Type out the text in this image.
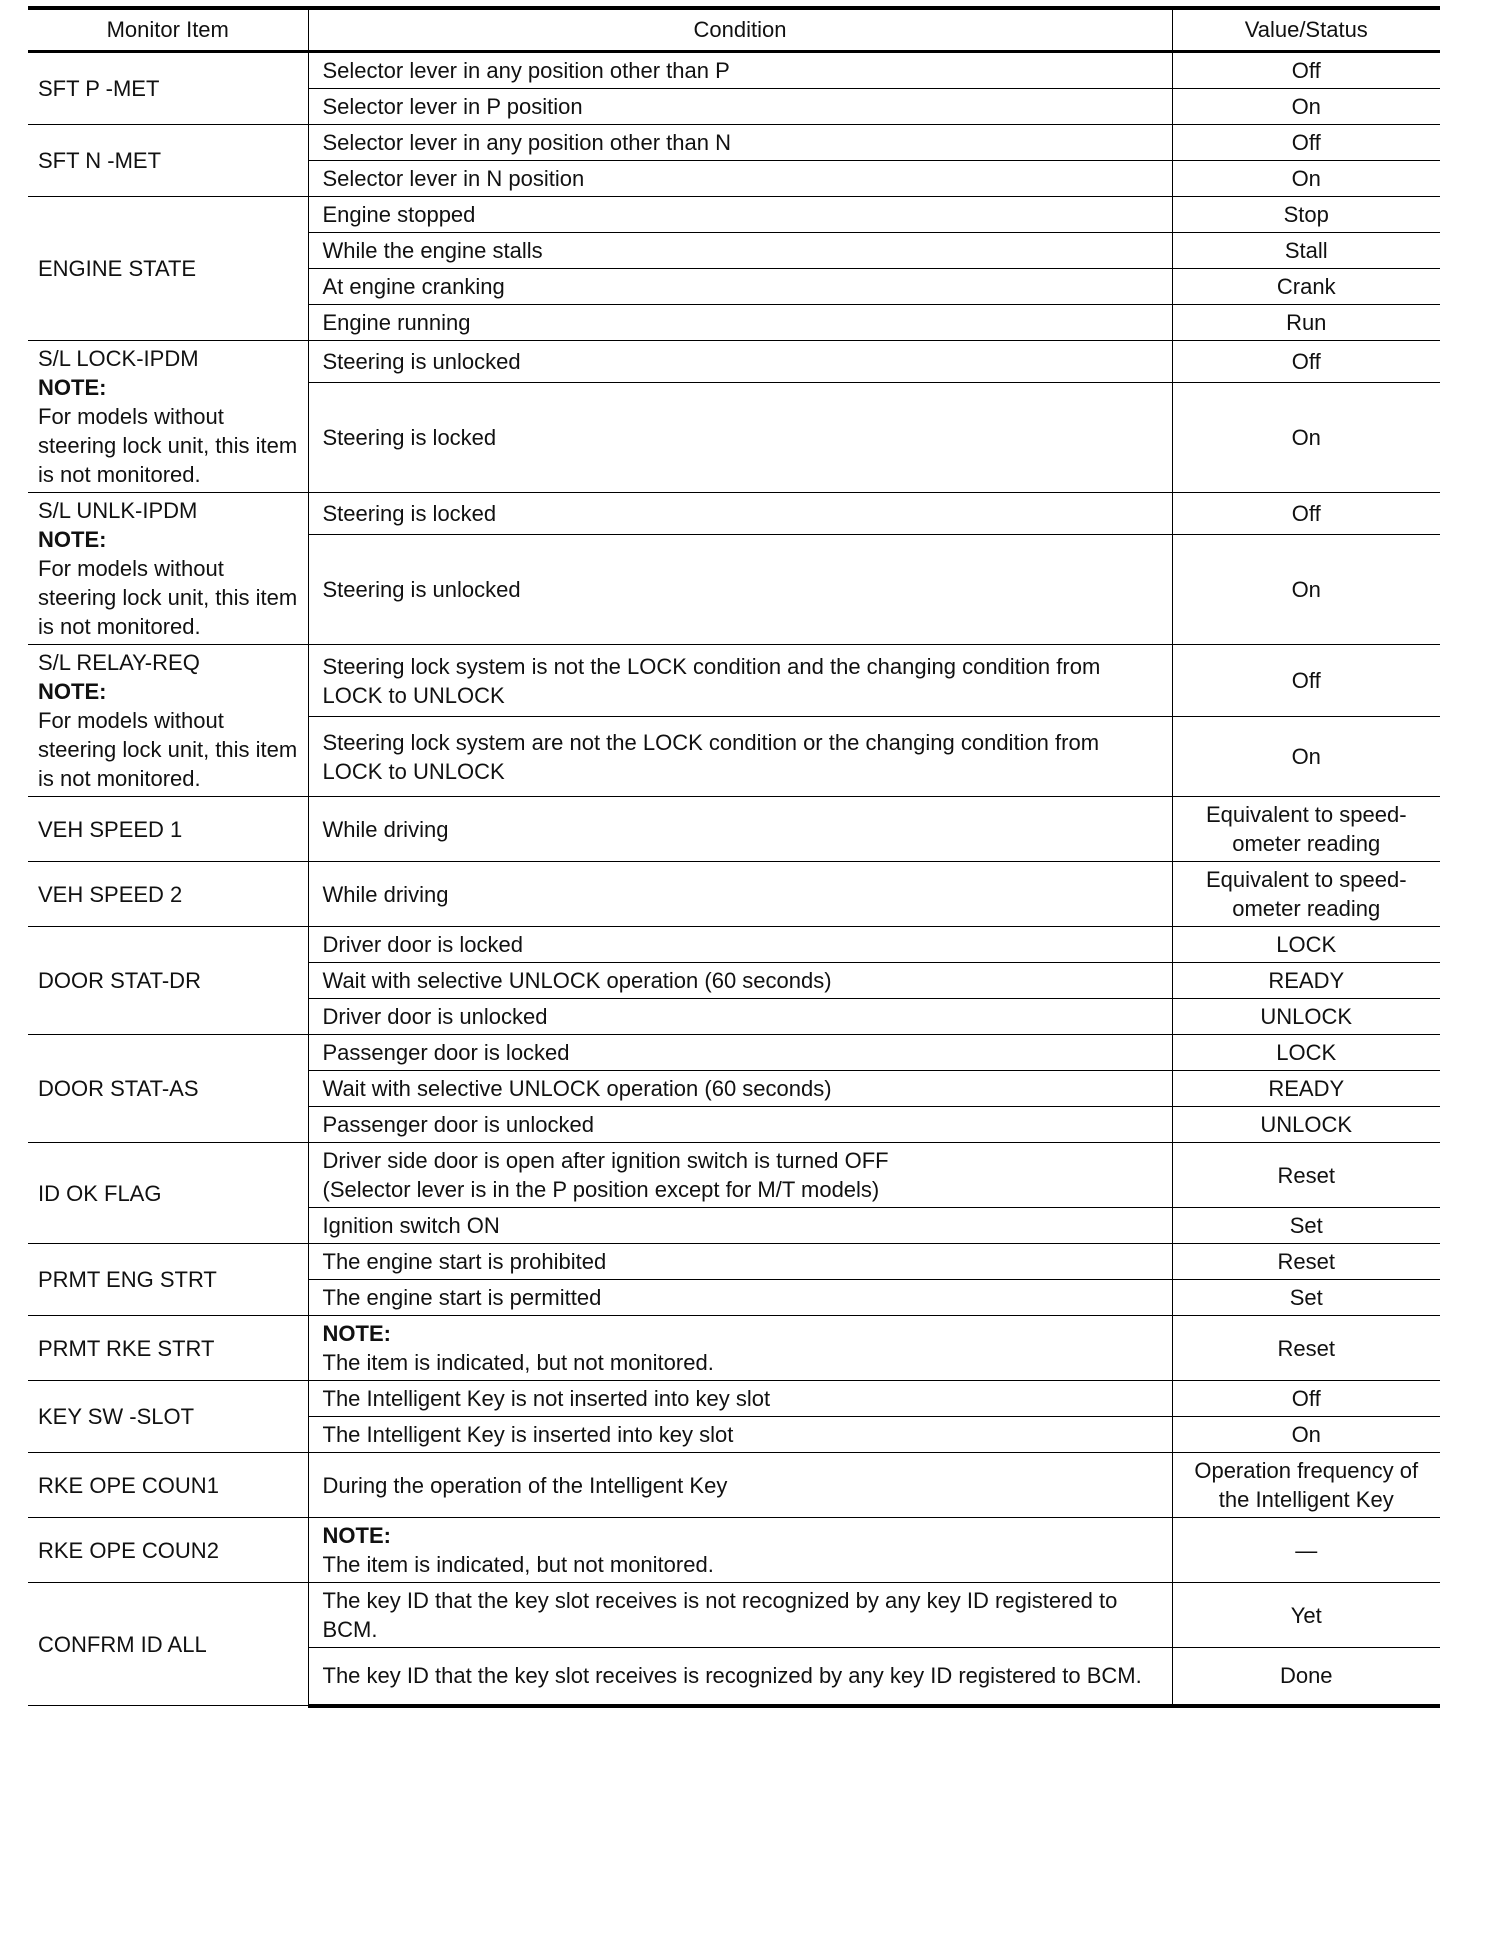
Monitor Item	Condition	Value/Status

SFT P -MET	Selector lever in any position other than P	Off
	Selector lever in P position	On

SFT N -MET	Selector lever in any position other than N	Off
	Selector lever in N position	On

ENGINE STATE	Engine stopped	Stop
	While the engine stalls	Stall
	At engine cranking	Crank
	Engine running	Run

S/L LOCK-IPDM
NOTE:
For models without steering lock unit, this item is not monitored.	Steering is unlocked	Off
	Steering is locked	On

S/L UNLK-IPDM
NOTE:
For models without steering lock unit, this item is not monitored.	Steering is locked	Off
	Steering is unlocked	On

S/L RELAY-REQ
NOTE:
For models without steering lock unit, this item is not monitored.	Steering lock system is not the LOCK condition and the changing condition from LOCK to UNLOCK	Off
	Steering lock system are not the LOCK condition or the changing condition from LOCK to UNLOCK	On

VEH SPEED 1	While driving	Equivalent to speed-ometer reading

VEH SPEED 2	While driving	Equivalent to speed-ometer reading

DOOR STAT-DR	Driver door is locked	LOCK
	Wait with selective UNLOCK operation (60 seconds)	READY
	Driver door is unlocked	UNLOCK

DOOR STAT-AS	Passenger door is locked	LOCK
	Wait with selective UNLOCK operation (60 seconds)	READY
	Passenger door is unlocked	UNLOCK

ID OK FLAG	Driver side door is open after ignition switch is turned OFF
(Selector lever is in the P position except for M/T models)	Reset
	Ignition switch ON	Set

PRMT ENG STRT	The engine start is prohibited	Reset
	The engine start is permitted	Set

PRMT RKE STRT	NOTE:
The item is indicated, but not monitored.	Reset

KEY SW -SLOT	The Intelligent Key is not inserted into key slot	Off
	The Intelligent Key is inserted into key slot	On

RKE OPE COUN1	During the operation of the Intelligent Key	Operation frequency of the Intelligent Key

RKE OPE COUN2	NOTE:
The item is indicated, but not monitored.	—

CONFRM ID ALL	The key ID that the key slot receives is not recognized by any key ID registered to BCM.	Yet
	The key ID that the key slot receives is recognized by any key ID registered to BCM.	Done
